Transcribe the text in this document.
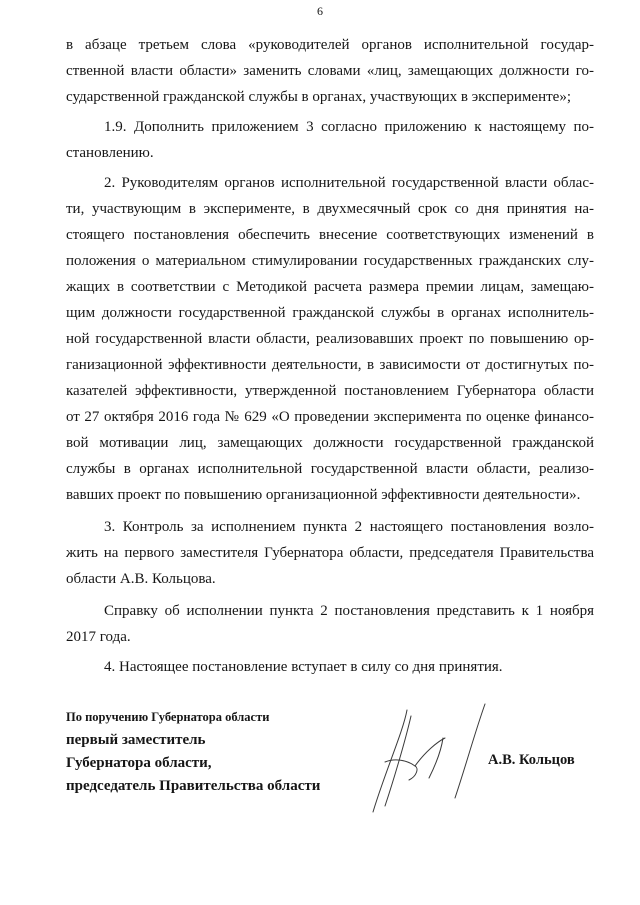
6

в абзаце третьем слова «руководителей органов исполнительной государ-
ственной власти области» заменить словами «лиц, замещающих должности го-
сударственной гражданской службы в органах, участвующих в эксперименте»;

1.9. Дополнить приложением 3 согласно приложению к настоящему по-
становлению.

2. Руководителям органов исполнительной государственной власти облас-
ти, участвующим в эксперименте, в двухмесячный срок со дня принятия на-
стоящего постановления обеспечить внесение соответствующих изменений в
положения о материальном стимулировании государственных гражданских слу-
жащих в соответствии с Методикой расчета размера премии лицам, замещаю-
щим должности государственной гражданской службы в органах исполнитель-
ной государственной власти области, реализовавших проект по повышению ор-
ганизационной эффективности деятельности, в зависимости от достигнутых по-
казателей эффективности, утвержденной постановлением Губернатора области
от 27 октября 2016 года № 629 «О проведении эксперимента по оценке финансо-
вой мотивации лиц, замещающих должности государственной гражданской
службы в органах исполнительной государственной власти области, реализо-
вавших проект по повышению организационной эффективности деятельности».

3. Контроль за исполнением пункта 2 настоящего постановления возло-
жить на первого заместителя Губернатора области, председателя Правительства
области А.В. Кольцова.

Справку об исполнении пункта 2 постановления представить к 1 ноября
2017 года.

4. Настоящее постановление вступает в силу со дня принятия.

По поручению Губернатора области
первый заместитель
Губернатора области,
председатель Правительства области
А.В. Кольцов
